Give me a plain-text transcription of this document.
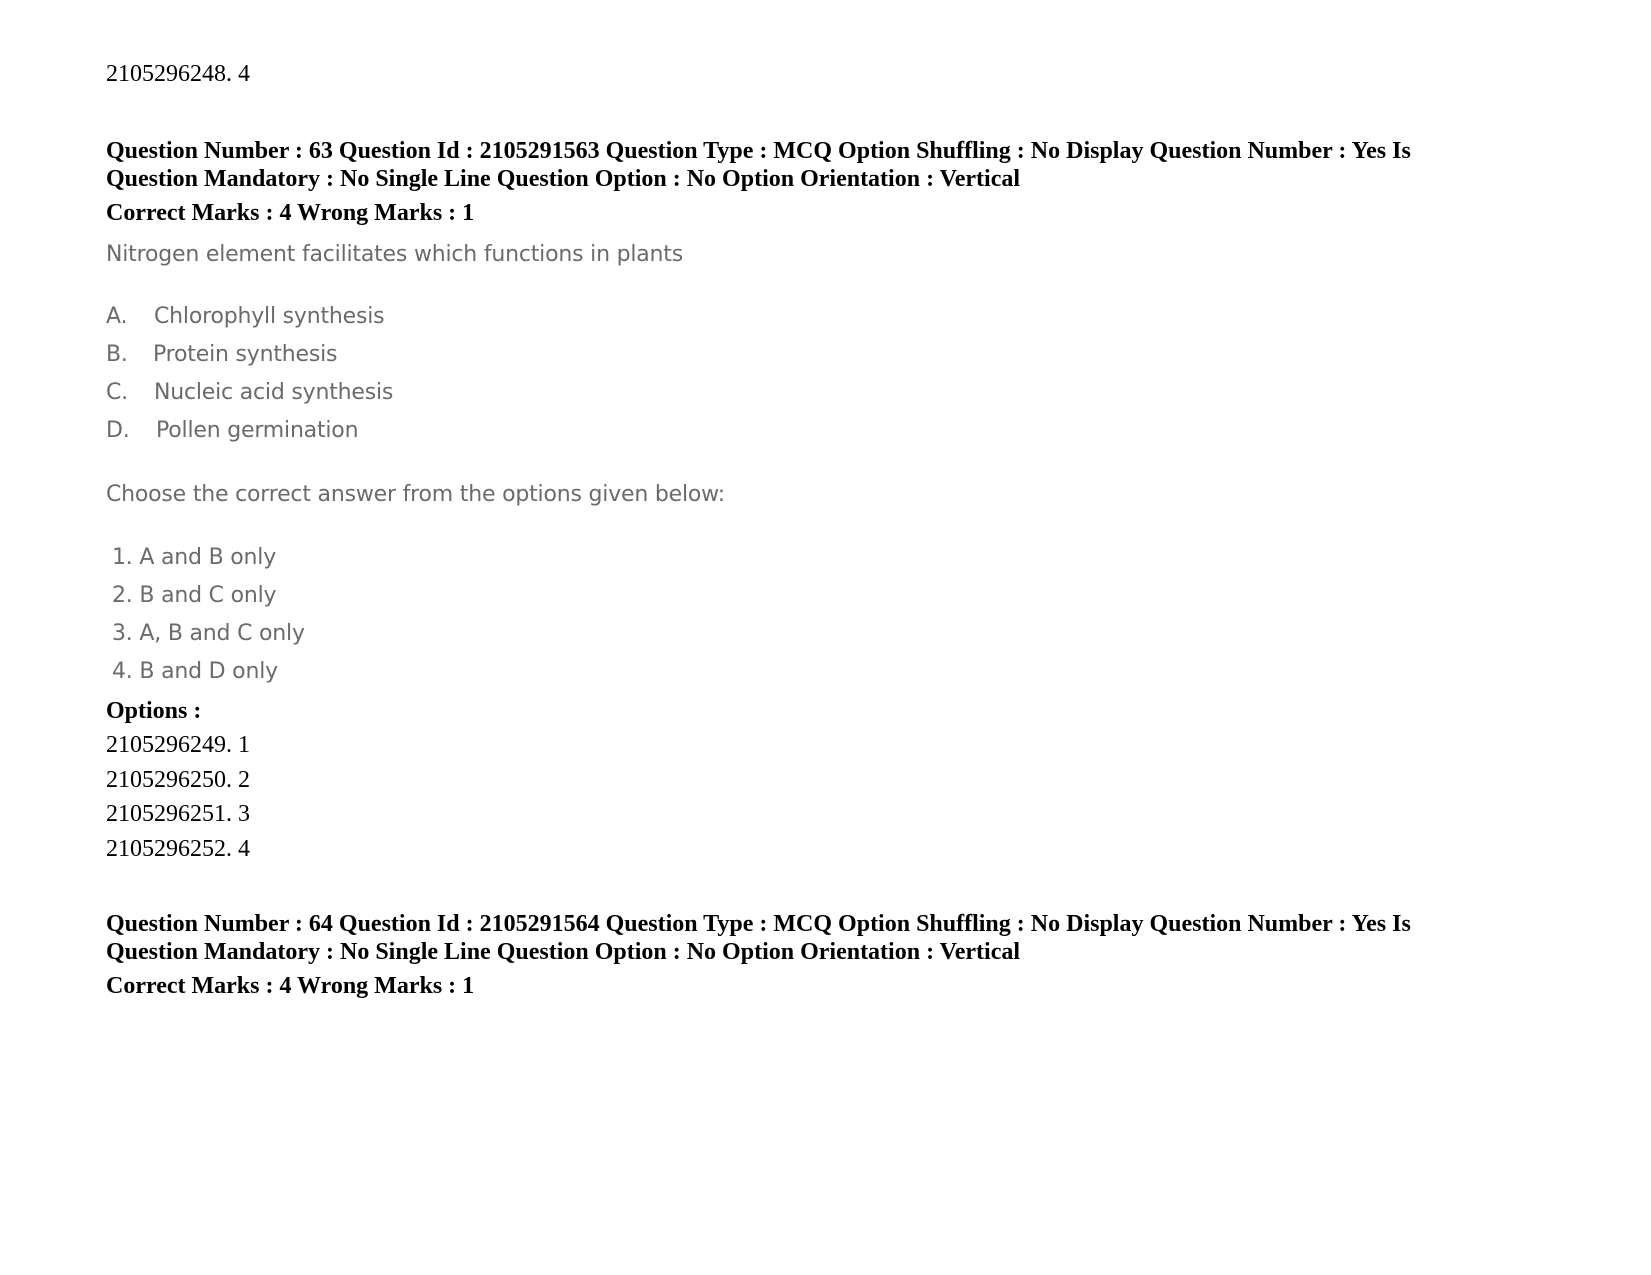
2105296248. 4
Question Number : 63 Question Id : 2105291563 Question Type : MCQ Option Shuffling : No Display Question Number : Yes Is
Question Mandatory : No Single Line Question Option : No Option Orientation : Vertical
Correct Marks : 4 Wrong Marks : 1
Nitrogen element facilitates which functions in plants
A. Chlorophyll synthesis
B. Protein synthesis
C. Nucleic acid synthesis
D. Pollen germination
Choose the correct answer from the options given below:
1. A and B only
2. B and C only
3. A, B and C only
4. B and D only
Options :
2105296249. 1
2105296250. 2
2105296251. 3
2105296252. 4
Question Number : 64 Question Id : 2105291564 Question Type : MCQ Option Shuffling : No Display Question Number : Yes Is
Question Mandatory : No Single Line Question Option : No Option Orientation : Vertical
Correct Marks : 4 Wrong Marks : 1
